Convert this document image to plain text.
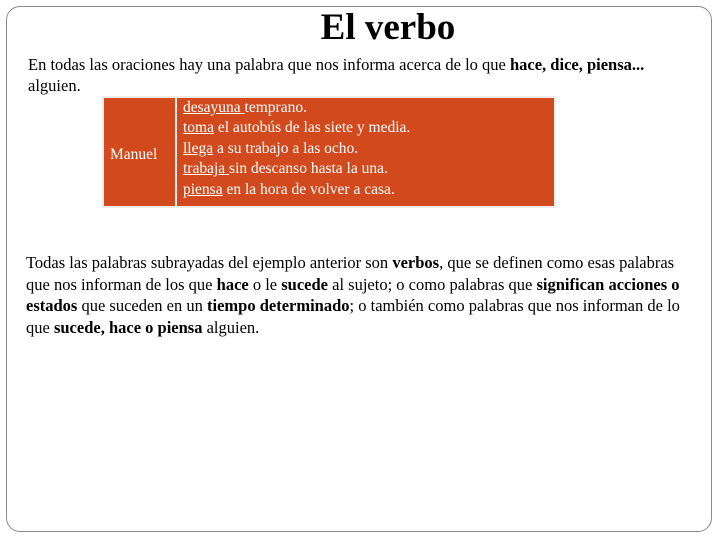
El verbo
En todas las oraciones hay una palabra que nos informa acerca de lo que hace, dice, piensa... alguien.
Manuel
desayuna temprano.
toma el autobús de las siete y media.
llega a su trabajo a las ocho.
trabaja sin descanso hasta la una.
piensa en la hora de volver a casa.
Todas las palabras subrayadas del ejemplo anterior son verbos, que se definen como esas palabras que nos informan de los que hace o le sucede al sujeto; o como palabras que significan acciones o estados que suceden en un tiempo determinado; o también como palabras que nos informan de lo que sucede, hace o piensa alguien.
